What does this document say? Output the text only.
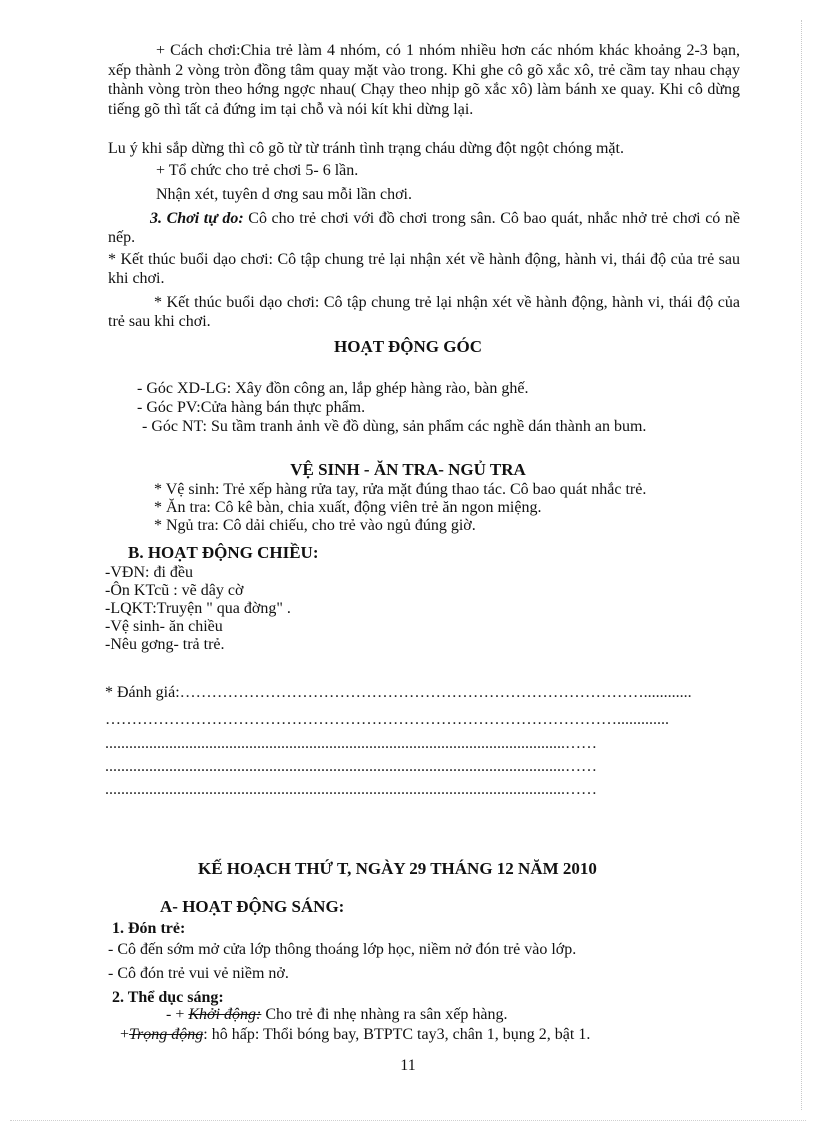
+ Cách chơi:Chia trẻ làm 4 nhóm, có 1 nhóm nhiều hơn các nhóm khác khoảng 2-3 bạn, xếp thành 2 vòng tròn đồng tâm quay mặt vào trong. Khi ghe cô gõ xắc xô, trẻ cầm tay nhau chạy thành vòng tròn theo hớng ngợc nhau( Chạy theo nhịp gõ xắc xô) làm bánh xe quay. Khi cô dừng tiếng gõ thì tất cả đứng im tại chỗ và nói kít khi dừng lại.
Lu ý khi sắp dừng thì cô gõ từ từ tránh tình trạng cháu dừng đột ngột chóng mặt.
+ Tổ chức cho trẻ chơi 5- 6 lần.
Nhận xét, tuyên d ơng sau mỗi lần chơi.
3. Chơi tự do: Cô cho trẻ chơi với đồ chơi trong sân. Cô bao quát, nhắc nhở trẻ chơi có nề nếp.
* Kết thúc buổi dạo chơi: Cô tập chung trẻ lại nhận xét về hành động, hành vi, thái độ của trẻ sau khi chơi.
* Kết thúc buổi dạo chơi: Cô tập chung trẻ lại nhận xét về hành động, hành vi, thái độ của trẻ sau khi chơi.
HOẠT ĐỘNG GÓC
- Góc XD-LG: Xây đồn công an, lắp ghép hàng rào, bàn ghế.
- Góc PV:Cửa hàng bán thực phẩm.
- Góc NT: Su tầm tranh ảnh về đồ dùng, sản phẩm các nghề dán thành an bum.
VỆ SINH - ĂN TRA- NGỦ TRA
* Vệ sinh: Trẻ xếp hàng rửa tay, rửa mặt đúng thao tác. Cô bao quát nhắc trẻ.
* Ăn tra: Cô kê bàn, chia xuất, động viên trẻ ăn ngon miệng.
* Ngủ tra: Cô dải chiếu, cho trẻ vào ngủ đúng giờ.
B. HOẠT ĐỘNG CHIỀU:
-VĐN: đi đều
-Ôn KTcũ : vẽ dây cờ
-LQKT:Truyện " qua đờng" .
-Vệ sinh- ăn chiều
-Nêu gơng- trả trẻ.
* Đánh giá:……………………………………………………………………………............
…………………………………………………………………………………….............
...................................................................................................................……
...................................................................................................................……
...................................................................................................................……
KẾ HOẠCH THỨ T, NGÀY 29 THÁNG 12 NĂM 2010
A- HOẠT ĐỘNG SÁNG:
1. Đón trẻ:
- Cô đến sớm mở cửa lớp thông thoáng lớp học, niềm nở đón trẻ vào lớp.
- Cô đón trẻ vui vẻ niềm nở.
2. Thể dục sáng:
- + Khởi động: Cho trẻ đi nhẹ nhàng ra sân xếp hàng.
+Trọng động: hô hấp: Thổi bóng bay, BTPTC tay3, chân 1, bụng 2, bật 1.
11
